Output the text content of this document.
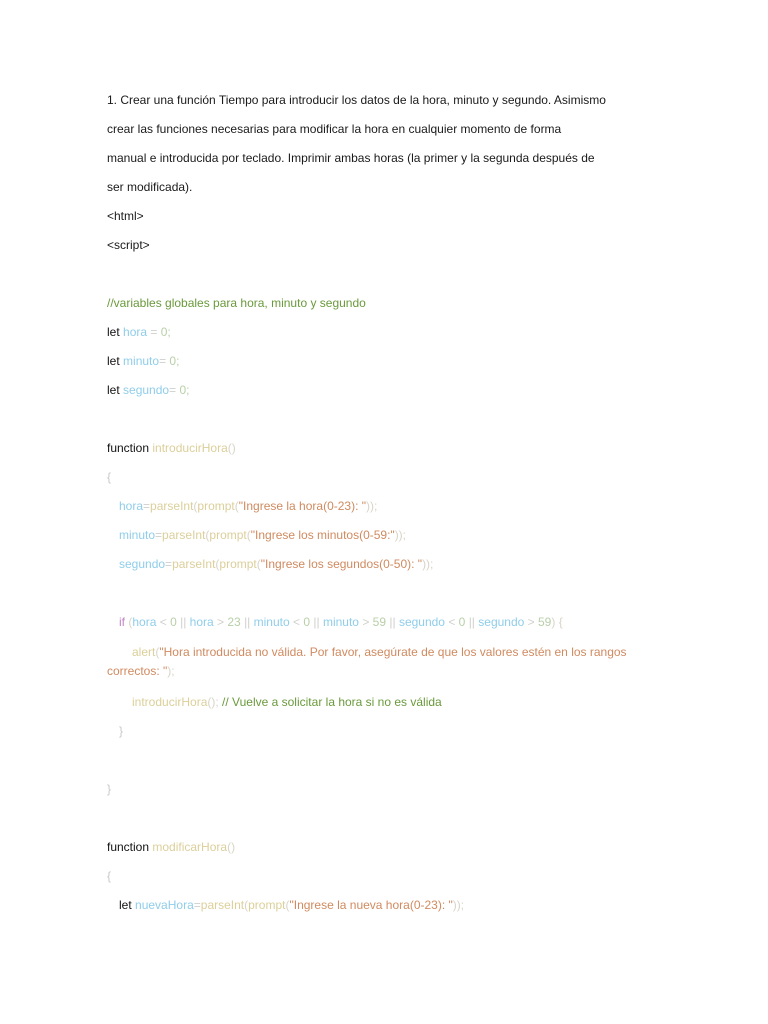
1. Crear una función Tiempo para introducir los datos de la hora, minuto y segundo. Asimismo
crear las funciones necesarias para modificar la hora en cualquier momento de forma
manual e introducida por teclado. Imprimir ambas horas (la primer y la segunda después de
ser modificada).
<html>
<script>
//variables globales para hora, minuto y segundo
let hora = 0;
let minuto= 0;
let segundo= 0;
function introducirHora()
{
hora=parseInt(prompt("Ingrese la hora(0-23): "));
minuto=parseInt(prompt("Ingrese los minutos(0-59:"));
segundo=parseInt(prompt("Ingrese los segundos(0-50): "));
if (hora < 0 || hora > 23 || minuto < 0 || minuto > 59 || segundo < 0 || segundo > 59) {
alert("Hora introducida no válida. Por favor, asegúrate de que los valores estén en los rangos correctos: ");
introducirHora(); // Vuelve a solicitar la hora si no es válida
}
}
function modificarHora()
{
let nuevaHora=parseInt(prompt("Ingrese la nueva hora(0-23): "));
